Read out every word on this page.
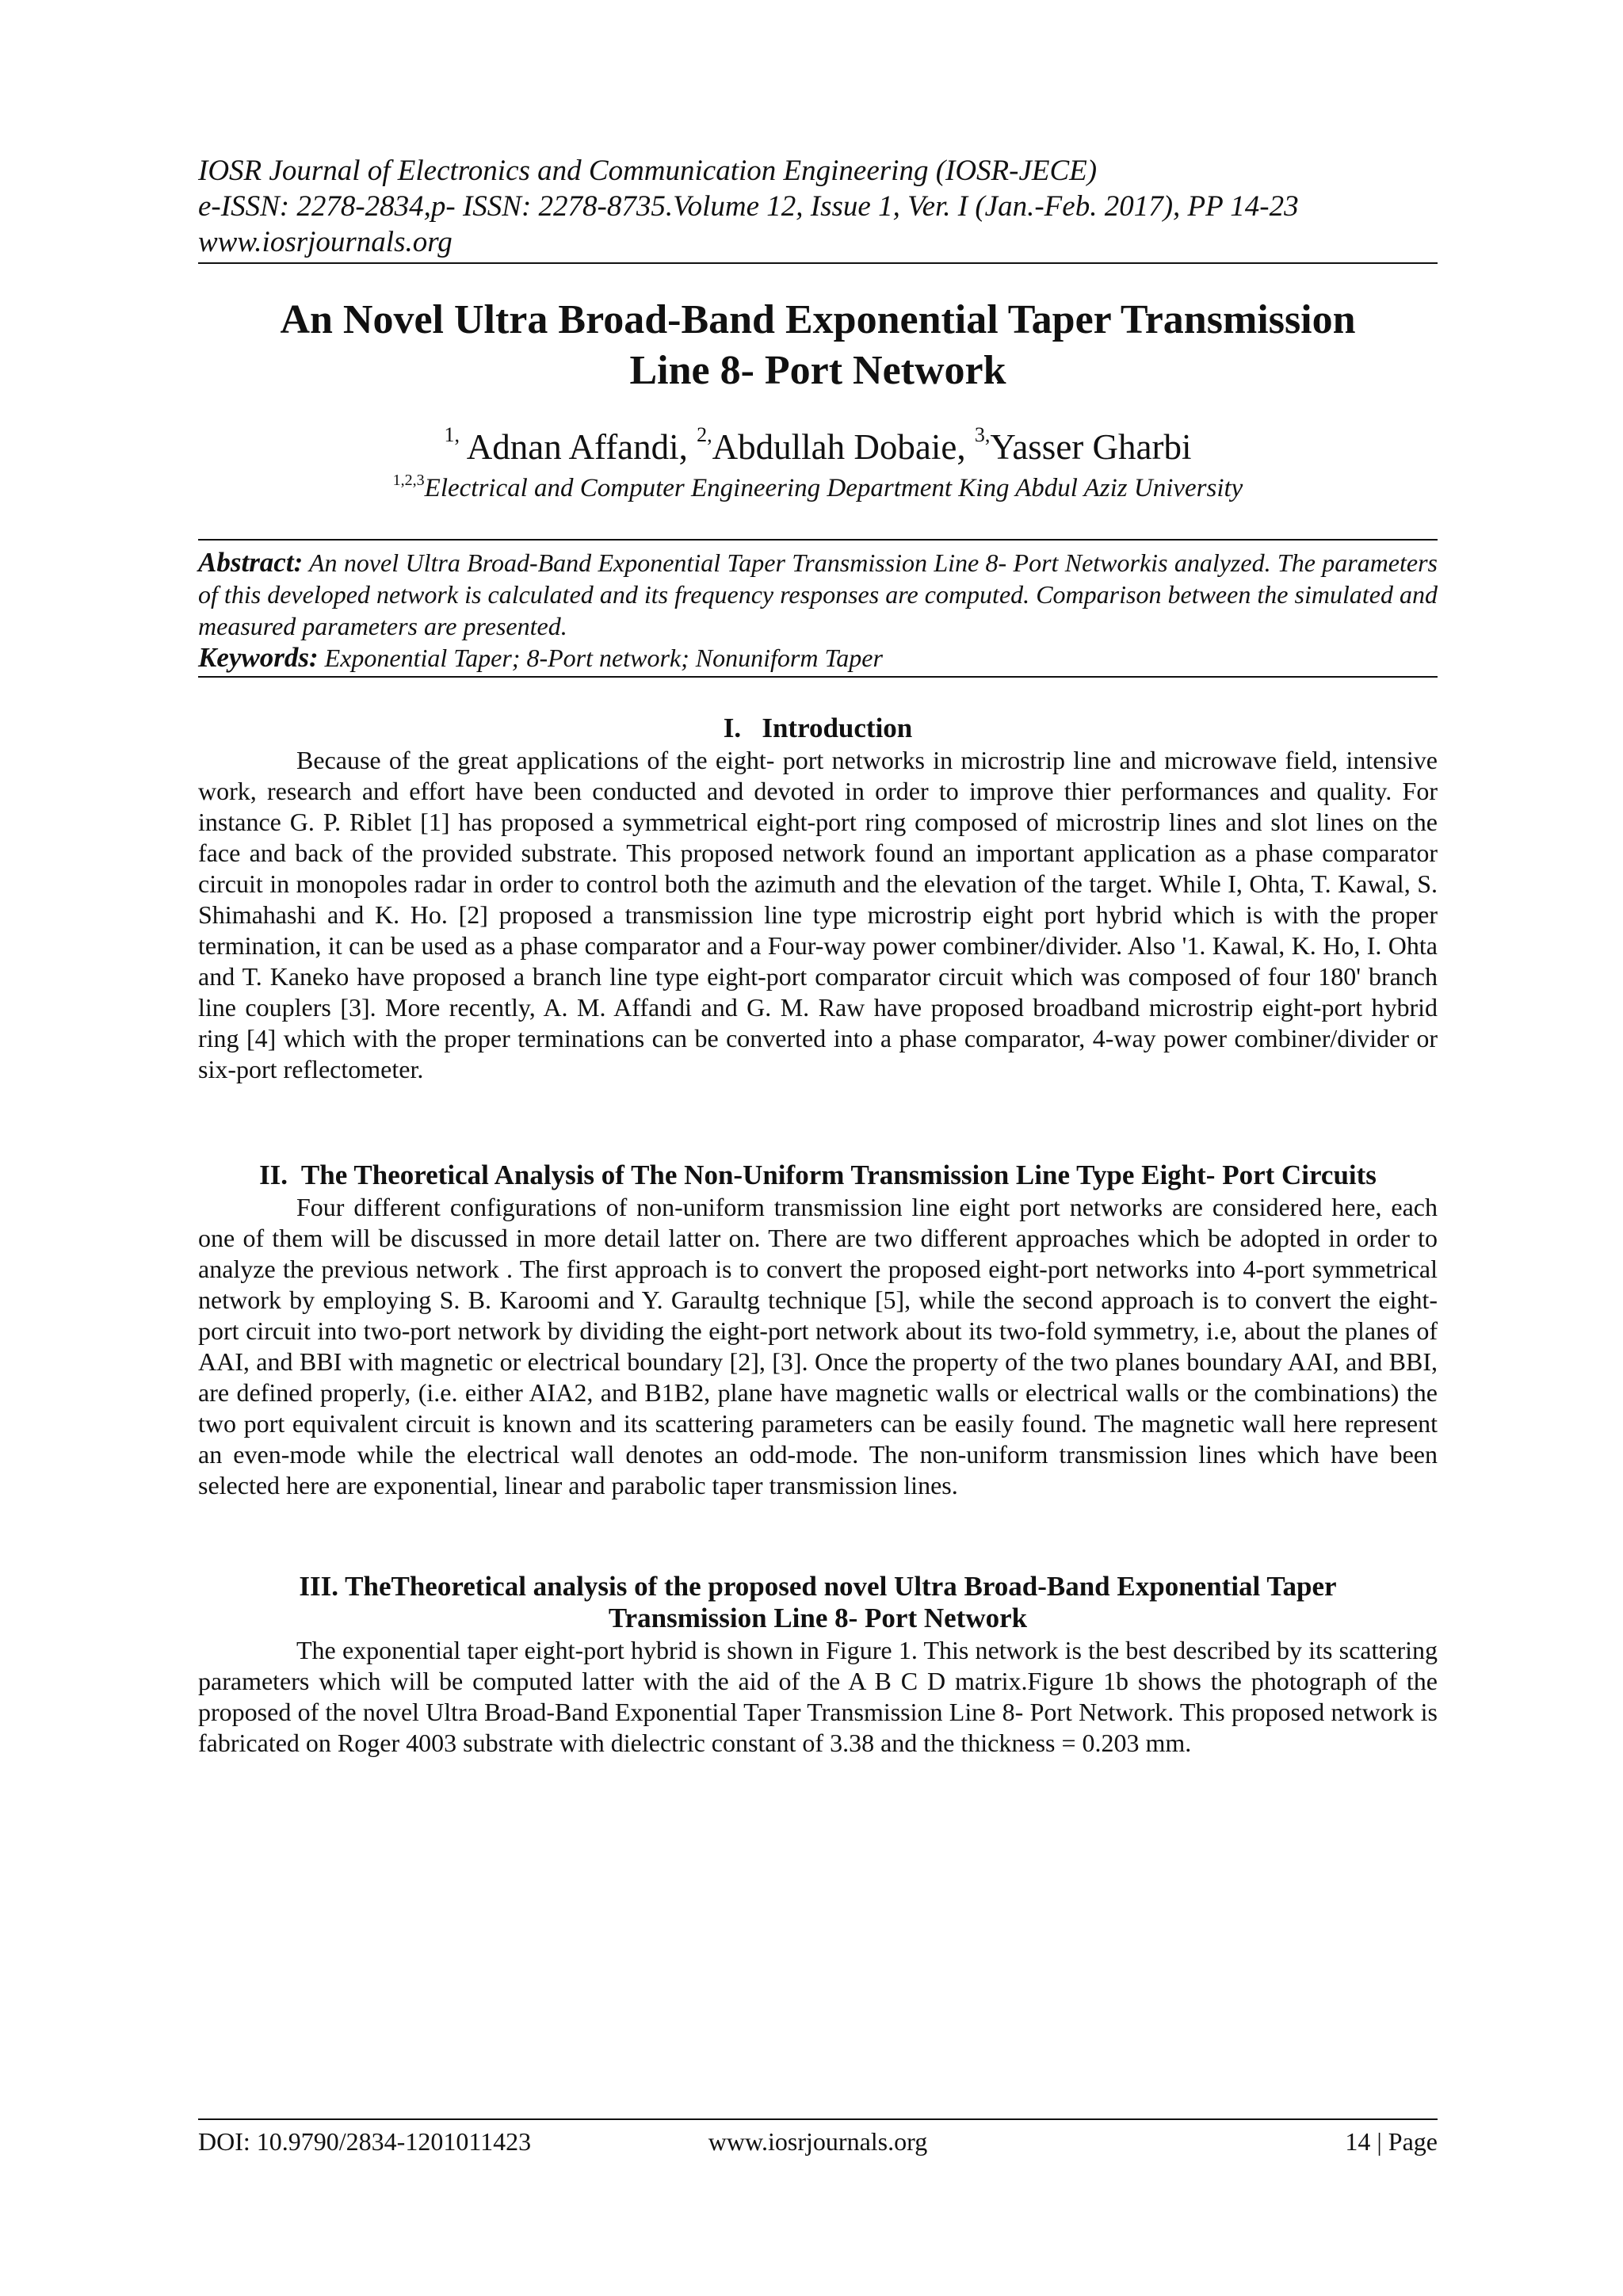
IOSR Journal of Electronics and Communication Engineering (IOSR-JECE)
e-ISSN: 2278-2834,p- ISSN: 2278-8735.Volume 12, Issue 1, Ver. I (Jan.-Feb. 2017), PP 14-23
www.iosrjournals.org
An Novel Ultra Broad-Band Exponential Taper Transmission
Line 8- Port Network
$^{1,}$ Adnan Affandi, $^{2,}$Abdullah Dobaie, $^{3,}$Yasser Gharbi
$^{1,2,3}$Electrical and Computer Engineering Department King Abdul Aziz University
Abstract: An novel Ultra Broad-Band Exponential Taper Transmission Line 8- Port Networkis analyzed. The parameters of this developed network is calculated and its frequency responses are computed. Comparison between the simulated and measured parameters are presented.
Keywords: Exponential Taper; 8-Port network; Nonuniform Taper
I.   Introduction
Because of the great applications of the eight- port networks in microstrip line and microwave field, intensive work, research and effort have been conducted and devoted in order to improve thier performances and quality. For instance G. P. Riblet [1] has proposed a symmetrical eight-port ring composed of microstrip lines and slot lines on the face and back of the provided substrate. This proposed network found an important application as a phase comparator circuit in monopoles radar in order to control both the azimuth and the elevation of the target. While I, Ohta, T. Kawal, S. Shimahashi and K. Ho. [2] proposed a transmission line type microstrip eight port hybrid which is with the proper termination, it can be used as a phase comparator and a Four-way power combiner/divider. Also '1. Kawal, K. Ho, I. Ohta and T. Kaneko have proposed a branch line type eight-port comparator circuit which was composed of four 180' branch line couplers [3]. More recently, A. M. Affandi and G. M. Raw have proposed broadband microstrip eight-port hybrid ring [4] which with the proper terminations can be converted into a phase comparator, 4-way power combiner/divider or six-port reflectometer.
II.  The Theoretical Analysis of The Non-Uniform Transmission Line Type Eight- Port Circuits
Four different configurations of non-uniform transmission line eight port networks are considered here, each one of them will be discussed in more detail latter on. There are two different approaches which be adopted in order to analyze the previous network . The first approach is to convert the proposed eight-port networks into 4-port symmetrical network by employing S. B. Karoomi and Y. Garaultg technique [5], while the second approach is to convert the eight-port circuit into two-port network by dividing the eight-port network about its two-fold symmetry, i.e, about the planes of AAI, and BBI with magnetic or electrical boundary [2], [3]. Once the property of the two planes boundary AAI, and BBI, are defined properly, (i.e. either AIA2, and B1B2, plane have magnetic walls or electrical walls or the combinations) the two port equivalent circuit is known and its scattering parameters can be easily found. The magnetic wall here represent an even-mode while the electrical wall denotes an odd-mode. The non-uniform transmission lines which have been selected here are exponential, linear and parabolic taper transmission lines.
III. TheTheoretical analysis of the proposed novel Ultra Broad-Band Exponential Taper
Transmission Line 8- Port Network
The exponential taper eight-port hybrid is shown in Figure 1. This network is the best described by its scattering parameters which will be computed latter with the aid of the A B C D matrix.Figure 1b shows the photograph of the proposed of the novel Ultra Broad-Band Exponential Taper Transmission Line 8- Port Network. This proposed network is fabricated on Roger 4003 substrate with dielectric constant of 3.38 and the thickness = 0.203 mm.
DOI: 10.9790/2834-1201011423	www.iosrjournals.org	14 | Page
